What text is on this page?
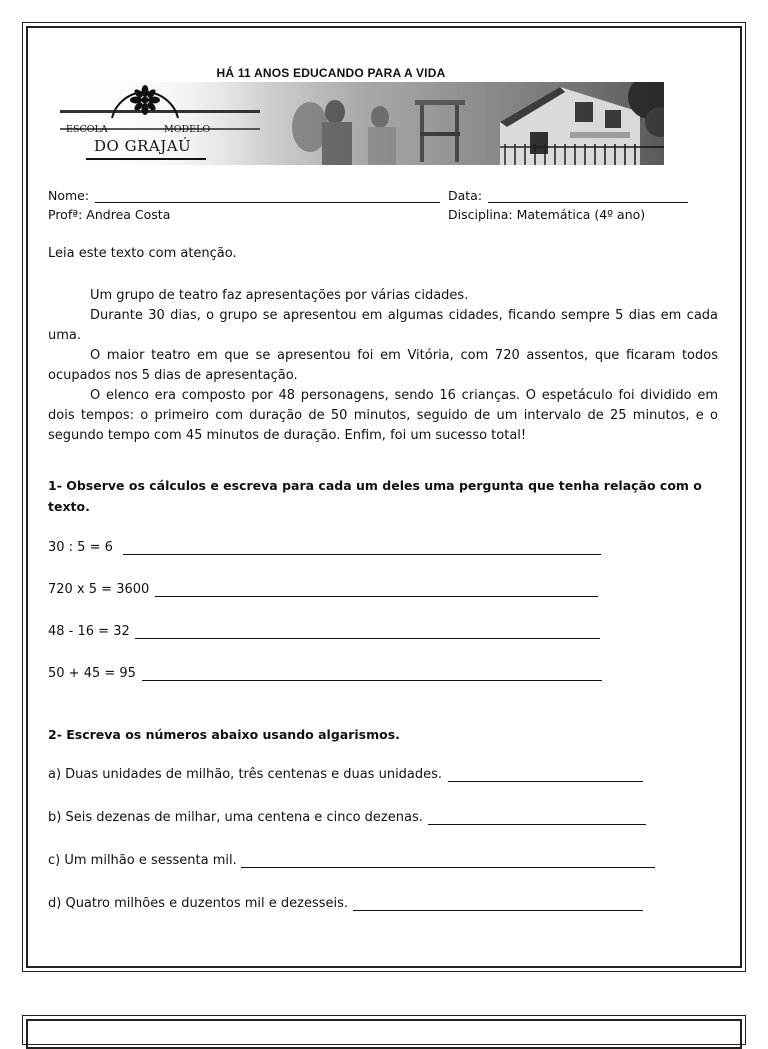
HÁ 11 ANOS EDUCANDO PARA A VIDA
ESCOLA	MODELO
DO GRAJAÚ
Nome:	Data:
Profª: Andrea Costa	Disciplina: Matemática (4º ano)
Leia este texto com atenção.

Um grupo de teatro faz apresentações por várias cidades.

Durante 30 dias, o grupo se apresentou em algumas cidades, ficando sempre 5 dias em cada uma.

O maior teatro em que se apresentou foi em Vitória, com 720 assentos, que ficaram todos ocupados nos 5 dias de apresentação.

O elenco era composto por 48 personagens, sendo 16 crianças. O espetáculo foi dividido em dois tempos: o primeiro com duração de 50 minutos, seguido de um intervalo de 25 minutos, e o segundo tempo com 45 minutos de duração. Enfim, foi um sucesso total!

1- Observe os cálculos e escreva para cada um deles uma pergunta que tenha relação com o texto.
30 : 5 = 6
720 x 5 = 3600
48 - 16 = 32
50 + 45 = 95
2- Escreva os números abaixo usando algarismos.
a) Duas unidades de milhão, três centenas e duas unidades.
b) Seis dezenas de milhar, uma centena e cinco dezenas.
c) Um milhão e sessenta mil.
d) Quatro milhões e duzentos mil e dezesseis.
